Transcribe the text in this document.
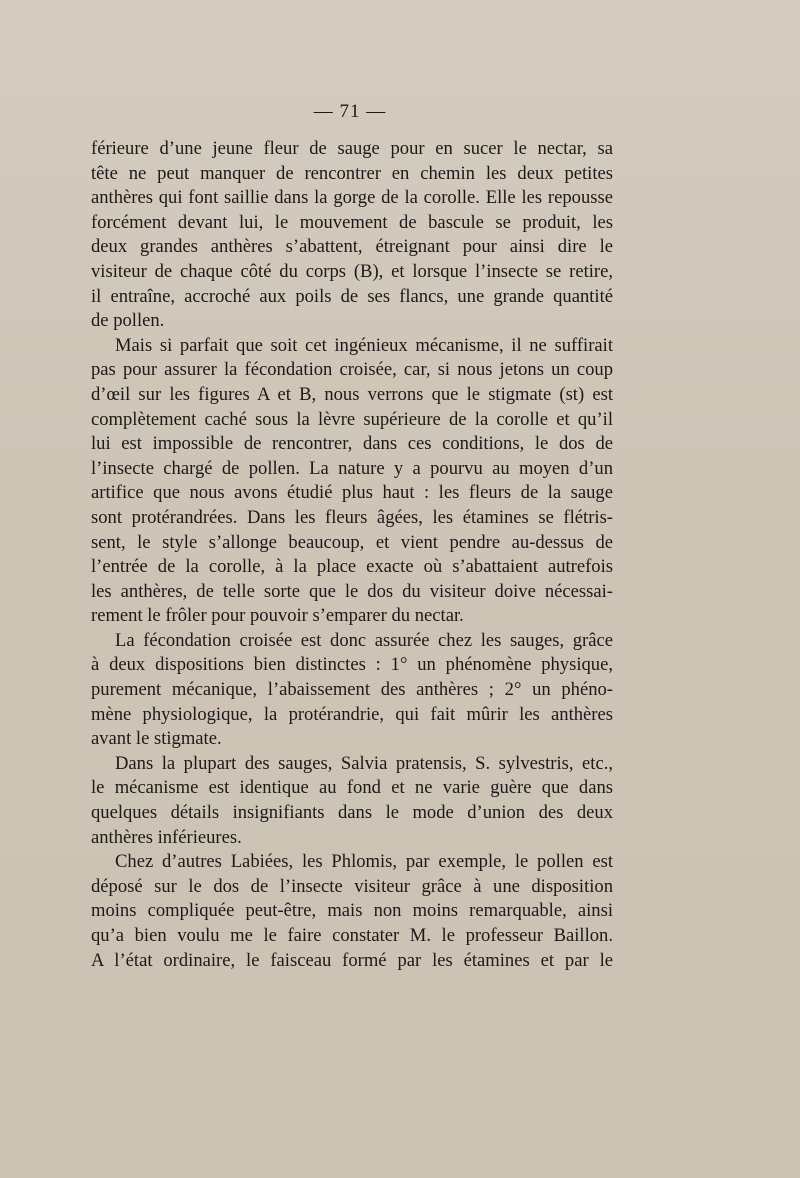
— 71 —
férieure d’une jeune fleur de sauge pour en sucer le nectar, sa
tête ne peut manquer de rencontrer en chemin les deux petites
anthères qui font saillie dans la gorge de la corolle. Elle les repousse
forcément devant lui, le mouvement de bascule se produit, les
deux grandes anthères s’abattent, étreignant pour ainsi dire le
visiteur de chaque côté du corps (B), et lorsque l’insecte se retire,
il entraîne, accroché aux poils de ses flancs, une grande quantité
de pollen.
Mais si parfait que soit cet ingénieux mécanisme, il ne suffirait
pas pour assurer la fécondation croisée, car, si nous jetons un coup
d’œil sur les figures A et B, nous verrons que le stigmate (st) est
complètement caché sous la lèvre supérieure de la corolle et qu’il
lui est impossible de rencontrer, dans ces conditions, le dos de
l’insecte chargé de pollen. La nature y a pourvu au moyen d’un
artifice que nous avons étudié plus haut : les fleurs de la sauge
sont protérandrées. Dans les fleurs âgées, les étamines se flétris-
sent, le style s’allonge beaucoup, et vient pendre au-dessus de
l’entrée de la corolle, à la place exacte où s’abattaient autrefois
les anthères, de telle sorte que le dos du visiteur doive nécessai-
rement le frôler pour pouvoir s’emparer du nectar.
La fécondation croisée est donc assurée chez les sauges, grâce
à deux dispositions bien distinctes : 1° un phénomène physique,
purement mécanique, l’abaissement des anthères ; 2° un phéno-
mène physiologique, la protérandrie, qui fait mûrir les anthères
avant le stigmate.
Dans la plupart des sauges, Salvia pratensis, S. sylvestris, etc.,
le mécanisme est identique au fond et ne varie guère que dans
quelques détails insignifiants dans le mode d’union des deux
anthères inférieures.
Chez d’autres Labiées, les Phlomis, par exemple, le pollen est
déposé sur le dos de l’insecte visiteur grâce à une disposition
moins compliquée peut-être, mais non moins remarquable, ainsi
qu’a bien voulu me le faire constater M. le professeur Baillon.
A l’état ordinaire, le faisceau formé par les étamines et par le
